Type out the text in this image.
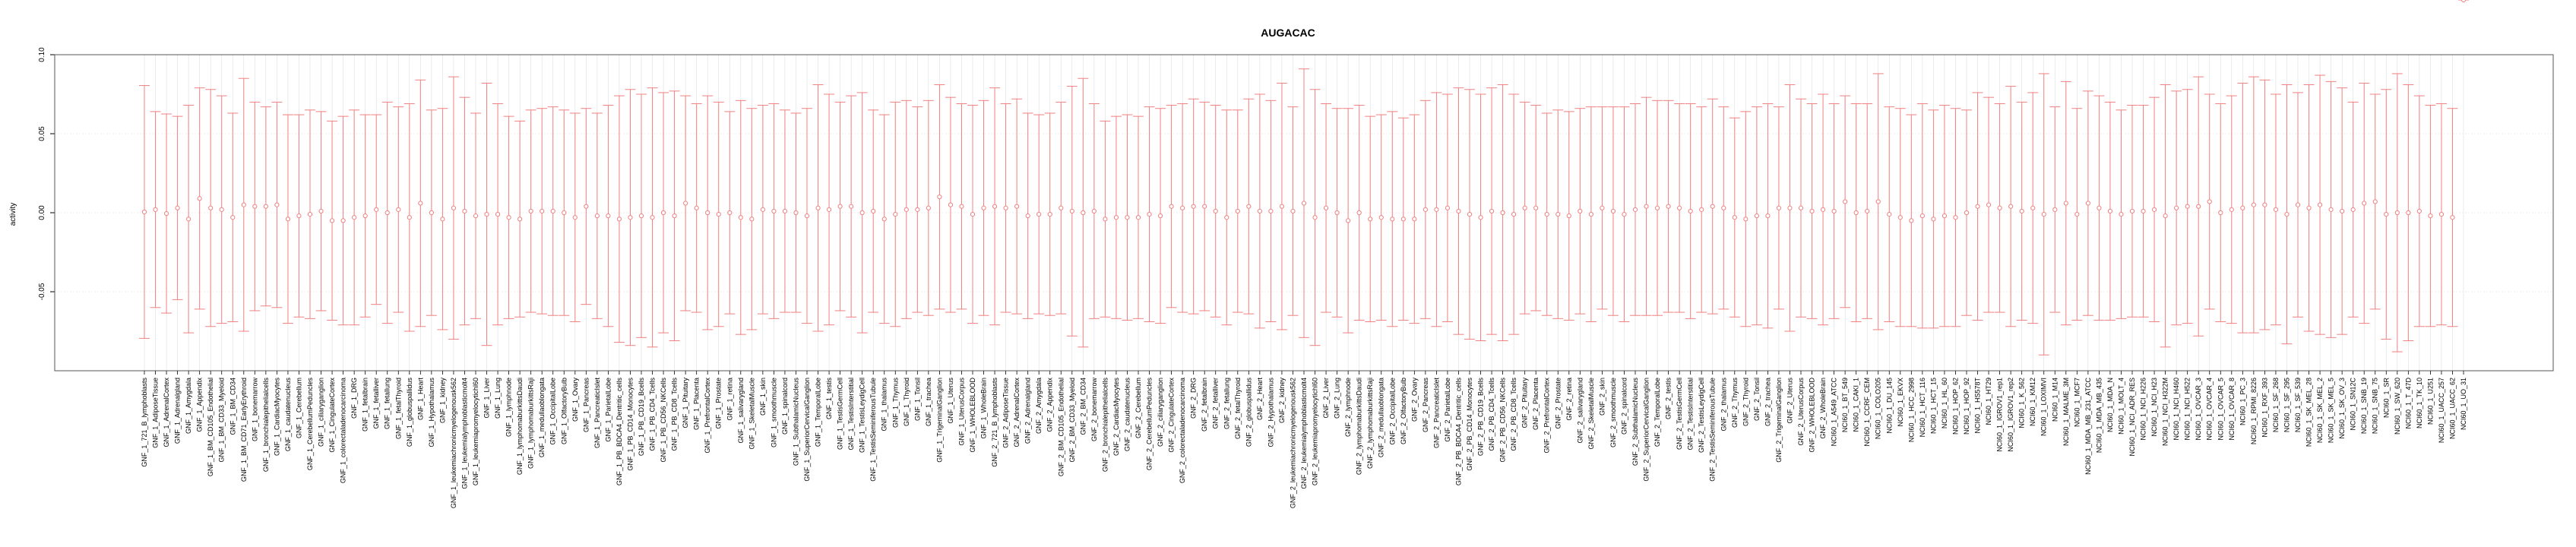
AUGACAC
activity
-0.05
0.00
0.05
0.10
GNF_1_721_B_lymphoblasts GNF_1_AdiposeTissue GNF_1_AdrenalCortex GNF_1_Adrenalgland GNF_1_Amygdala GNF_1_Appendix GNF_1_BM_CD105_Endothelial GNF_1_BM_CD33_Myeloid GNF_1_BM_CD34 GNF_1_BM_CD71_EarlyErythroid GNF_1_bonemarrow GNF_1_bronchialepithelialcells GNF_1_CardiacMyocytes GNF_1_caudatenucleus GNF_1_Cerebellum GNF_1_CerebellumPeduncles GNF_1_ciliaryganglion GNF_1_CingulateCortex GNF_1_colorectaladenocarcinoma GNF_1_DRG GNF_1_fetalbrain GNF_1_fetalliver GNF_1_fetallung GNF_1_fetalThyroid GNF_1_globuspallidus GNF_1_Heart GNF_1_Hypothalamus GNF_1_kidney GNF_1_leukemiachronicmyelogenousk562 GNF_1_leukemialymphoblasticmolt4 GNF_1_leukemiapromyelocytichl60 GNF_1_Liver GNF_1_Lung GNF_1_lymphnode GNF_1_lymphomaburkittsDaudi GNF_1_lymphomaburkittsRaji GNF_1_medullaoblongata GNF_1_OccipitalLobe GNF_1_OlfactoryBulb GNF_1_Ovary GNF_1_Pancreas GNF_1_PancreaticIslet GNF_1_ParietalLobe GNF_1_PB_BDCA4_Dentritic_cells GNF_1_PB_CD14_Monocytes GNF_1_PB_CD19_Bcells GNF_1_PB_CD4_Tcells GNF_1_PB_CD56_NKCells GNF_1_PB_CD8_Tcells GNF_1_Pituitary GNF_1_Placenta GNF_1_PrefrontalCortex GNF_1_Prostate GNF_1_retina GNF_1_salivarygland GNF_1_SkeletalMuscle GNF_1_skin GNF_1_smoothmuscle GNF_1_spinalcord GNF_1_SubthalamicNucleus GNF_1_SuperiorCervicalGanglion GNF_1_TemporalLobe GNF_1_testis GNF_1_TestisGermCell GNF_1_TestisInterstitial GNF_1_TestisLeydigCell GNF_1_TestisSeminiferousTubule GNF_1_thalamus GNF_1_Thymus GNF_1_Thyroid GNF_1_Tonsil GNF_1_trachea GNF_1_TrigeminalGanglion GNF_1_Uterus GNF_1_UterusCorpus GNF_1_WHOLEBLOOD GNF_1_WholeBrain GNF_2_721_B_lymphoblasts GNF_2_AdiposeTissue GNF_2_AdrenalCortex GNF_2_Adrenalgland GNF_2_Amygdala GNF_2_Appendix GNF_2_BM_CD105_Endothelial GNF_2_BM_CD33_Myeloid GNF_2_BM_CD34 GNF_2_bonemarrow GNF_2_bronchialepithelialcells GNF_2_CardiacMyocytes GNF_2_caudatenucleus GNF_2_Cerebellum GNF_2_CerebellumPeduncles GNF_2_ciliaryganglion GNF_2_CingulateCortex GNF_2_colorectaladenocarcinoma GNF_2_DRG GNF_2_fetalbrain GNF_2_fetalliver GNF_2_fetallung GNF_2_fetalThyroid GNF_2_globuspallidus GNF_2_Heart GNF_2_Hypothalamus GNF_2_kidney GNF_2_leukemiachronicmyelogenousk562 GNF_2_leukemialymphoblasticmolt4 GNF_2_leukemiapromyelocytichl60 GNF_2_Liver GNF_2_Lung GNF_2_lymphnode GNF_2_lymphomaburkittsDaudi GNF_2_lymphomaburkittsRaji GNF_2_medullaoblongata GNF_2_OccipitalLobe GNF_2_OlfactoryBulb GNF_2_Ovary GNF_2_Pancreas GNF_2_PancreaticIslet GNF_2_ParietalLobe GNF_2_PB_BDCA4_Dentritic_cells GNF_2_PB_CD14_Monocytes GNF_2_PB_CD19_Bcells GNF_2_PB_CD4_Tcells GNF_2_PB_CD56_NKCells GNF_2_PB_CD8_Tcells GNF_2_Pituitary GNF_2_Placenta GNF_2_PrefrontalCortex GNF_2_Prostate GNF_2_retina GNF_2_salivarygland GNF_2_SkeletalMuscle GNF_2_skin GNF_2_smoothmuscle GNF_2_spinalcord GNF_2_SubthalamicNucleus GNF_2_SuperiorCervicalGanglion GNF_2_TemporalLobe GNF_2_testis GNF_2_TestisGermCell GNF_2_TestisInterstitial GNF_2_TestisLeydigCell GNF_2_TestisSeminiferousTubule GNF_2_thalamus GNF_2_Thymus GNF_2_Thyroid GNF_2_Tonsil GNF_2_trachea GNF_2_TrigeminalGanglion GNF_2_Uterus GNF_2_UterusCorpus GNF_2_WHOLEBLOOD GNF_2_WholeBrain NCI60_1_A549_ATCC NCI60_1_BT_549 NCI60_1_CAKI_1 NCI60_1_CCRF_CEM NCI60_1_COLO205 NCI60_1_DU_145 NCI60_1_EKVX NCI60_1_HCC_2998 NCI60_1_HCT_116 NCI60_1_HCT_15 NCI60_1_HL_60 NCI60_1_HOP_62 NCI60_1_HOP_92 NCI60_1_HS578T NCI60_1_HT29 NCI60_1_IGROV1_rep1 NCI60_1_IGROV1_rep2 NCI60_1_K_562 NCI60_1_KM12 NCI60_1_LOXIMVI NCI60_1_M14 NCI60_1_MALME_3M NCI60_1_MCF7 NCI60_1_MDA_MB_231_ATCC NCI60_1_MDA_MB_435 NCI60_1_MDA_N NCI60_1_MOLT_4 NCI60_1_NCI_ADR_RES NCI60_1_NCI_H226 NCI60_1_NCI_H23 NCI60_1_NCI_H322M NCI60_1_NCI_H460 NCI60_1_NCI_H522 NCI60_1_OVCAR_3 NCI60_1_OVCAR_4 NCI60_1_OVCAR_5 NCI60_1_OVCAR_8 NCI60_1_PC_3 NCI60_1_RPMI_8226 NCI60_1_RXF_393 NCI60_1_SF_268 NCI60_1_SF_295 NCI60_1_SF_539 NCI60_1_SK_MEL_28 NCI60_1_SK_MEL_2 NCI60_1_SK_MEL_5 NCI60_1_SK_OV_3 NCI60_1_SN12C NCI60_1_SNB_19 NCI60_1_SNB_75 NCI60_1_SR NCI60_1_SW_620 NCI60_1_T_47D NCI60_1_TK_10 NCI60_1_U251 NCI60_1_UACC_257 NCI60_1_UACC_62 NCI60_1_UO_31
